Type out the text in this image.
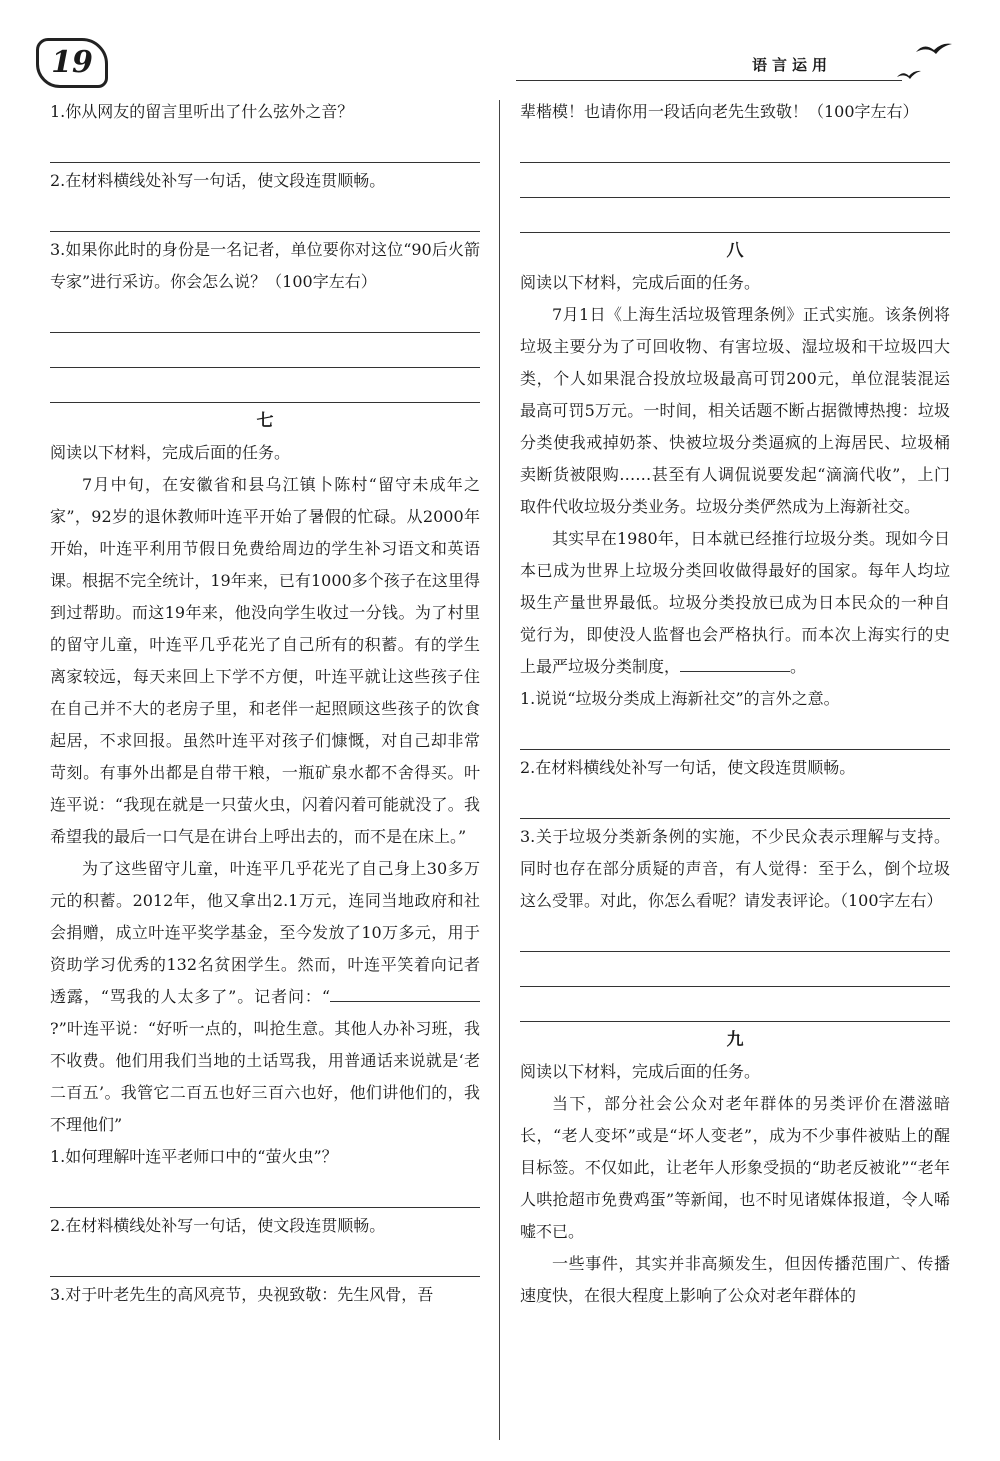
19	语言运用

1.你从网友的留言里听出了什么弦外之音？

2.在材料横线处补写一句话，使文段连贯顺畅。

3.如果你此时的身份是一名记者，单位要你对这位“90后火箭专家”进行采访。你会怎么说？（100字左右）

七

阅读以下材料，完成后面的任务。

7月中旬，在安徽省和县乌江镇卜陈村“留守未成年之家”，92岁的退休教师叶连平开始了暑假的忙碌。从2000年开始，叶连平利用节假日免费给周边的学生补习语文和英语课。根据不完全统计，19年来，已有1000多个孩子在这里得到过帮助。而这19年来，他没向学生收过一分钱。为了村里的留守儿童，叶连平几乎花光了自己所有的积蓄。有的学生离家较远，每天来回上下学不方便，叶连平就让这些孩子住在自己并不大的老房子里，和老伴一起照顾这些孩子的饮食起居，不求回报。虽然叶连平对孩子们慷慨，对自己却非常苛刻。有事外出都是自带干粮，一瓶矿泉水都不舍得买。叶连平说：“我现在就是一只萤火虫，闪着闪着可能就没了。我希望我的最后一口气是在讲台上呼出去的，而不是在床上。”

为了这些留守儿童，叶连平几乎花光了自己身上30多万元的积蓄。2012年，他又拿出2.1万元，连同当地政府和社会捐赠，成立叶连平奖学基金，至今发放了10万多元，用于资助学习优秀的132名贫困学生。然而，叶连平笑着向记者透露，“骂我的人太多了”。记者问：“?”叶连平说：“好听一点的，叫抢生意。其他人办补习班，我不收费。他们用我们当地的土话骂我，用普通话来说就是‘老二百五’。我管它二百五也好三百六也好，他们讲他们的，我不理他们”

1.如何理解叶连平老师口中的“萤火虫”？

2.在材料横线处补写一句话，使文段连贯顺畅。

3.对于叶老先生的高风亮节，央视致敬：先生风骨，吾

辈楷模！也请你用一段话向老先生致敬！（100字左右）

八

阅读以下材料，完成后面的任务。

7月1日《上海生活垃圾管理条例》正式实施。该条例将垃圾主要分为了可回收物、有害垃圾、湿垃圾和干垃圾四大类，个人如果混合投放垃圾最高可罚200元，单位混装混运最高可罚5万元。一时间，相关话题不断占据微博热搜：垃圾分类使我戒掉奶茶、快被垃圾分类逼疯的上海居民、垃圾桶卖断货被限购……甚至有人调侃说要发起“滴滴代收”，上门取件代收垃圾分类业务。垃圾分类俨然成为上海新社交。

其实早在1980年，日本就已经推行垃圾分类。现如今日本已成为世界上垃圾分类回收做得最好的国家。每年人均垃圾生产量世界最低。垃圾分类投放已成为日本民众的一种自觉行为，即使没人监督也会严格执行。而本次上海实行的史上最严垃圾分类制度，	。

1.说说“垃圾分类成上海新社交”的言外之意。

2.在材料横线处补写一句话，使文段连贯顺畅。

3.关于垃圾分类新条例的实施，不少民众表示理解与支持。同时也存在部分质疑的声音，有人觉得：至于么，倒个垃圾这么受罪。对此，你怎么看呢？请发表评论。（100字左右）

九

阅读以下材料，完成后面的任务。

当下，部分社会公众对老年群体的另类评价在潜滋暗长，“老人变坏”或是“坏人变老”，成为不少事件被贴上的醒目标签。不仅如此，让老年人形象受损的“助老反被讹”“老年人哄抢超市免费鸡蛋”等新闻，也不时见诸媒体报道，令人唏嘘不已。

一些事件，其实并非高频发生，但因传播范围广、传播速度快，在很大程度上影响了公众对老年群体的
